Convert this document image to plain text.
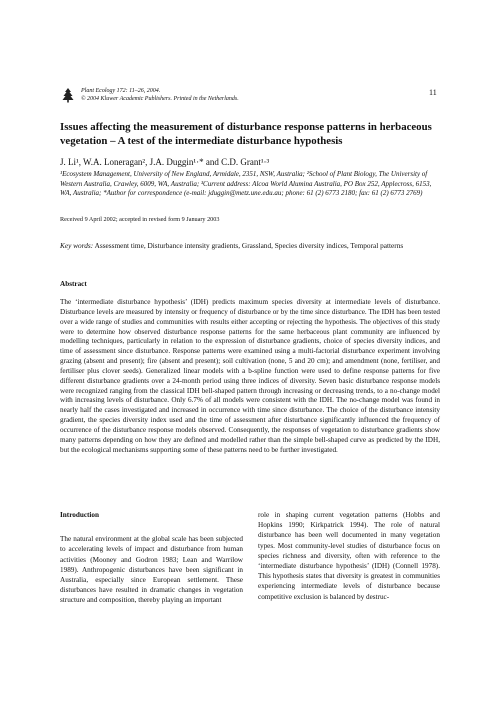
Plant Ecology 172: 11–26, 2004.
© 2004 Kluwer Academic Publishers. Printed in the Netherlands.
11
Issues affecting the measurement of disturbance response patterns in herbaceous vegetation – A test of the intermediate disturbance hypothesis
J. Li¹, W.A. Loneragan², J.A. Duggin¹·* and C.D. Grant¹·³
¹Ecosystem Management, University of New England, Armidale, 2351, NSW, Australia; ²School of Plant Biology, The University of Western Australia, Crawley, 6009, WA, Australia; ³Current address: Alcoa World Alumina Australia, PO Box 252, Applecross, 6153, WA, Australia; *Author for correspondence (e-mail: jduggin@metz.une.edu.au; phone: 61 (2) 6773 2180; fax: 61 (2) 6773 2769)
Received 9 April 2002; accepted in revised form 9 January 2003
Key words: Assessment time, Disturbance intensity gradients, Grassland, Species diversity indices, Temporal patterns
Abstract
The ‘intermediate disturbance hypothesis’ (IDH) predicts maximum species diversity at intermediate levels of disturbance. Disturbance levels are measured by intensity or frequency of disturbance or by the time since disturbance. The IDH has been tested over a wide range of studies and communities with results either accepting or rejecting the hypothesis. The objectives of this study were to determine how observed disturbance response patterns for the same herbaceous plant community are influenced by modelling techniques, particularly in relation to the expression of disturbance gradients, choice of species diversity indices, and time of assessment since disturbance. Response patterns were examined using a multi-factorial disturbance experiment involving grazing (absent and present); fire (absent and present); soil cultivation (none, 5 and 20 cm); and amendment (none, fertiliser, and fertiliser plus clover seeds). Generalized linear models with a b-spline function were used to define response patterns for five different disturbance gradients over a 24-month period using three indices of diversity. Seven basic disturbance response models were recognized ranging from the classical IDH bell-shaped pattern through increasing or decreasing trends, to a no-change model with increasing levels of disturbance. Only 6.7% of all models were consistent with the IDH. The no-change model was found in nearly half the cases investigated and increased in occurrence with time since disturbance. The choice of the disturbance intensity gradient, the species diversity index used and the time of assessment after disturbance significantly influenced the frequency of occurrence of the disturbance response models observed. Consequently, the responses of vegetation to disturbance gradients show many patterns depending on how they are defined and modelled rather than the simple bell-shaped curve as predicted by the IDH, but the ecological mechanisms supporting some of these patterns need to be further investigated.
Introduction

The natural environment at the global scale has been subjected to accelerating levels of impact and disturbance from human activities (Mooney and Godron 1983; Lean and Warrilow 1989). Anthropogenic disturbances have been significant in Australia, especially since European settlement. These disturbances have resulted in dramatic changes in vegetation structure and composition, thereby playing an important

role in shaping current vegetation patterns (Hobbs and Hopkins 1990; Kirkpatrick 1994). The role of natural disturbance has been well documented in many vegetation types. Most community-level studies of disturbance focus on species richness and diversity, often with reference to the ‘intermediate disturbance hypothesis’ (IDH) (Connell 1978). This hypothesis states that diversity is greatest in communities experiencing intermediate levels of disturbance because competitive exclusion is balanced by destruc-
